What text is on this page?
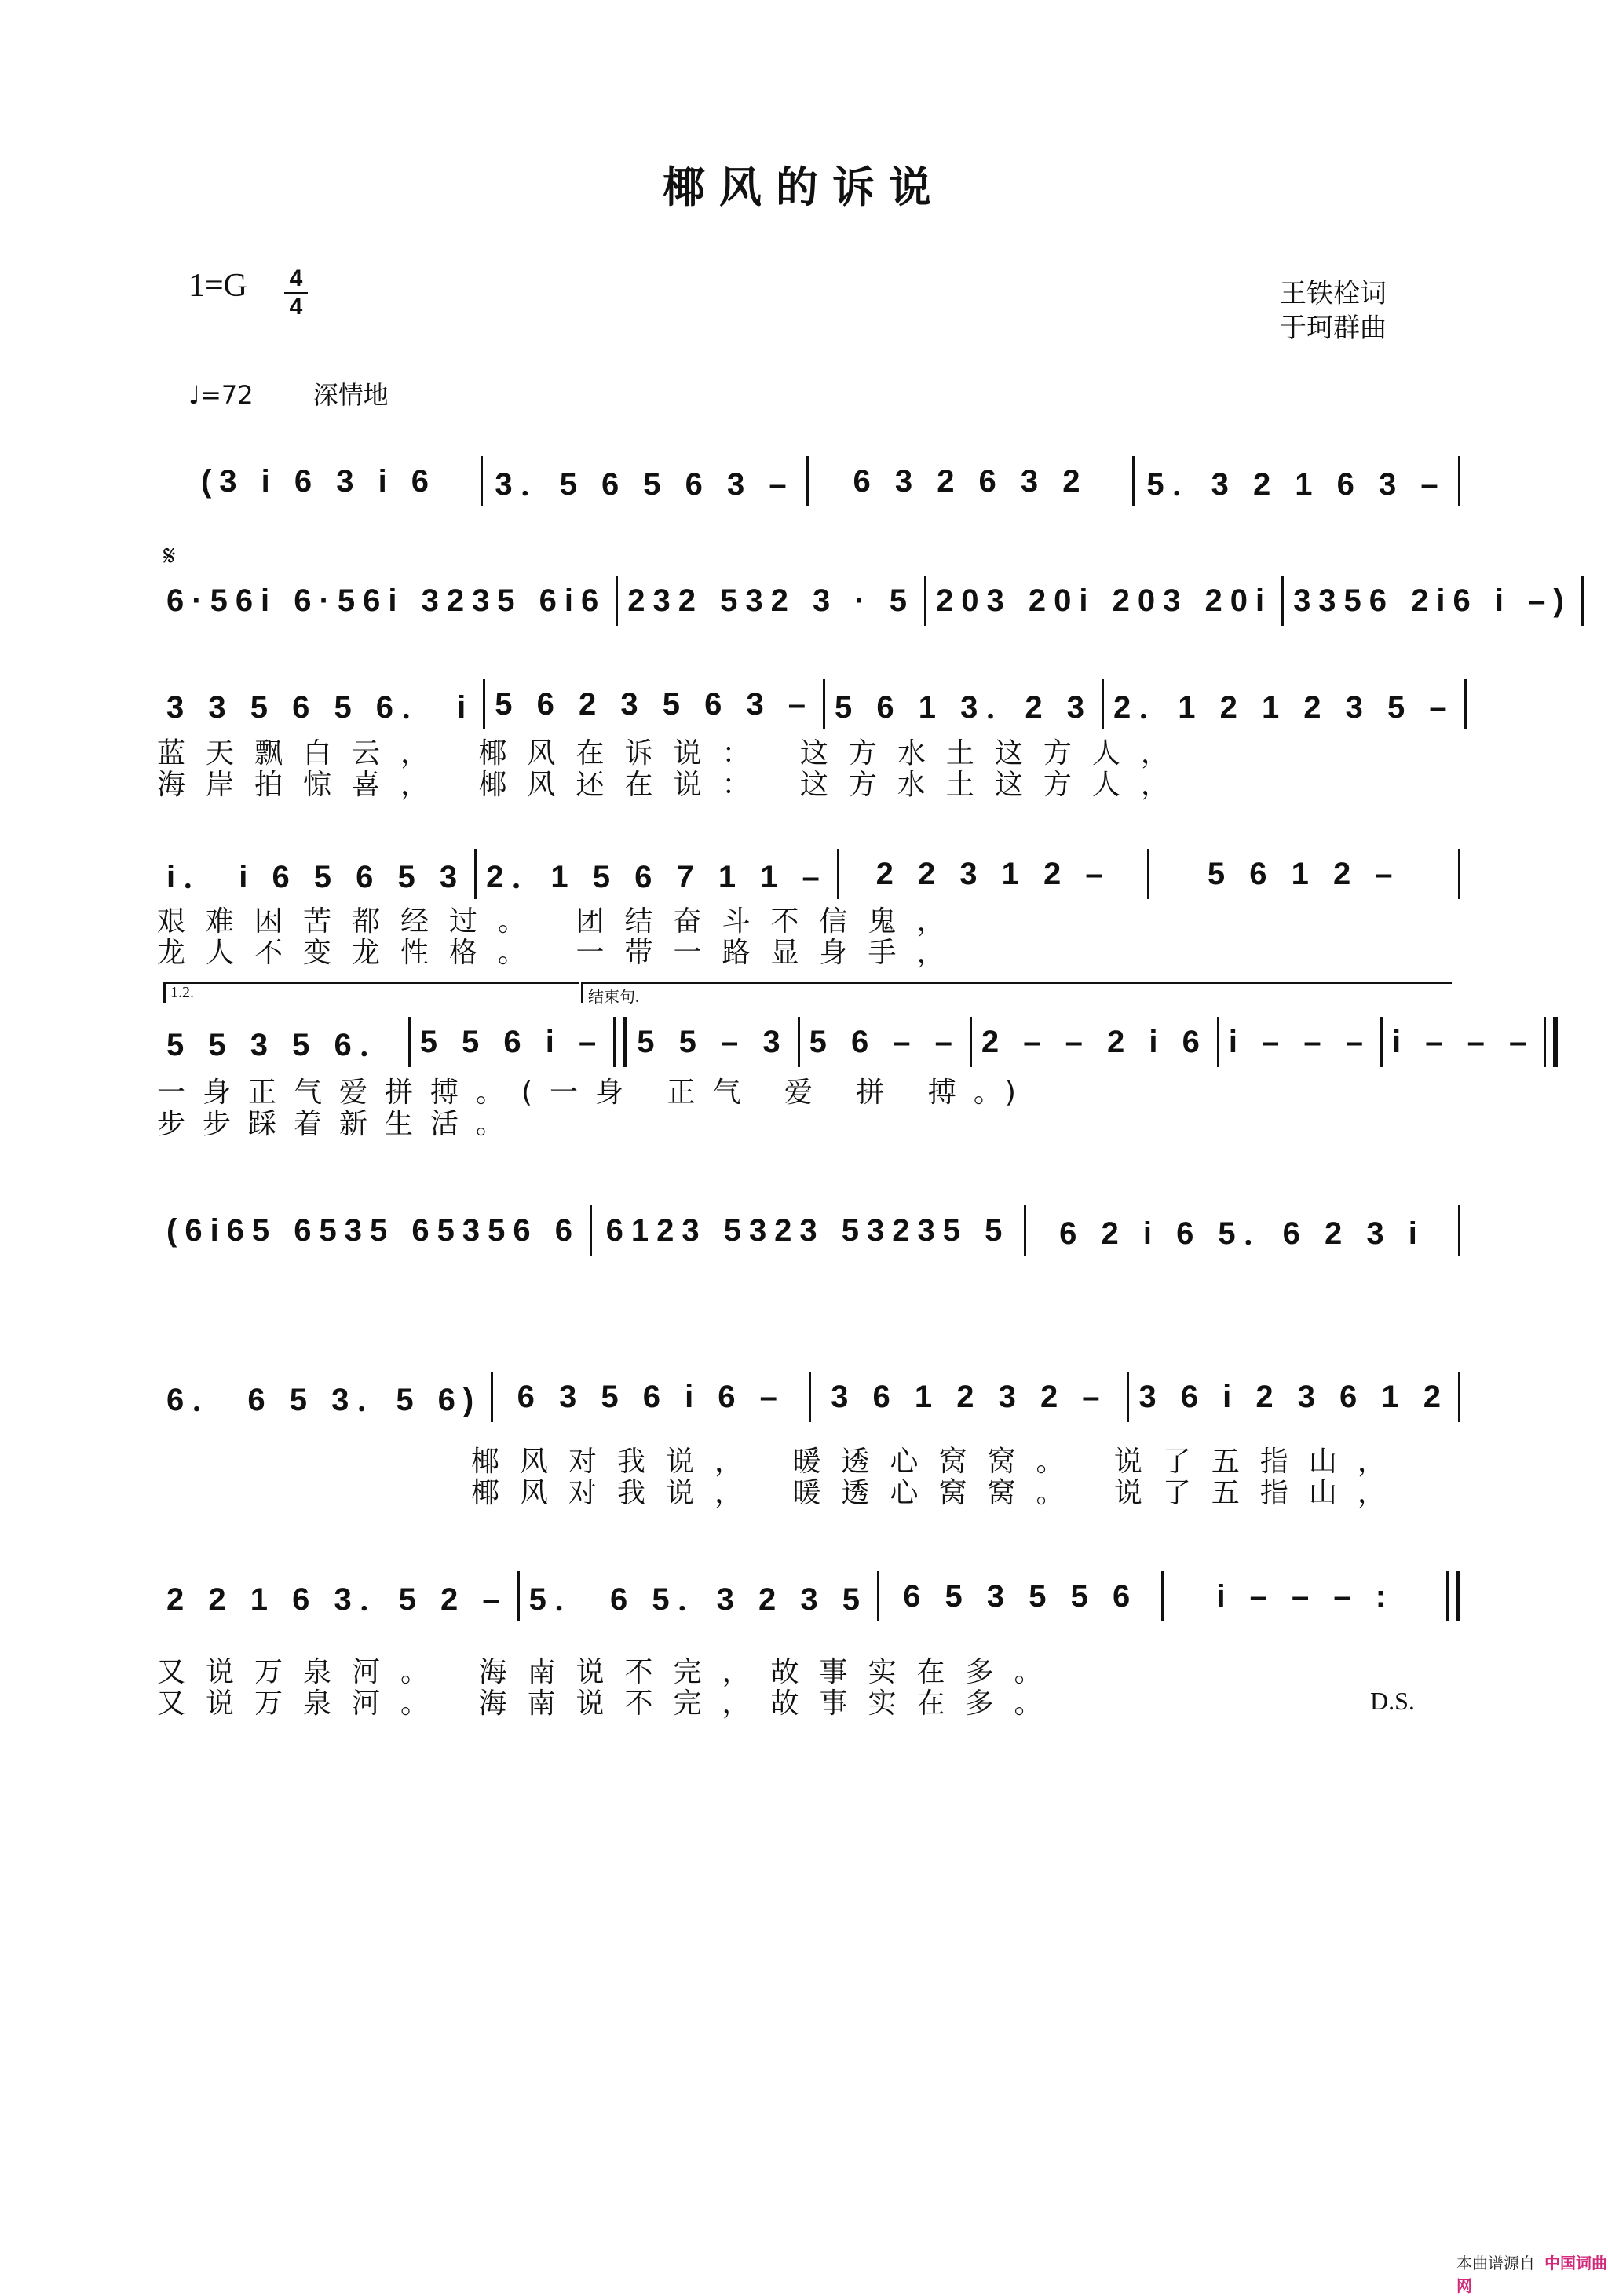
椰风的诉说
1=G 4
4	王铁栓词
于珂群曲
♩=72 深情地
𝄋
(3 i 6 3 i 6	3．5 6 5 6 3 –	6 3 2 6 3 2	5．3 2 1 6 3 –
6·56i 6·56i 3235 6i6 232 532 3 · 5 203 20i 203 20i 3356 2i6 i –)
3 3 5 6 5 6． i 5 6 2 3 5 6 3 – 5 6 1 3．2 3 2．1 2 1 2 3 5 –
蓝天飘白云， 椰风在诉说： 这方水土这方人，
海岸拍惊喜， 椰风还在说： 这方水土这方人，
i． i 6 5 6 5 3 2．1 5 6 7 1 1 –	2 2 3 1 2 –	5 6 1 2 –
艰难困苦都经过。 团结奋斗不信鬼，
龙人不变龙性格。 一带一路显身手，
1.2.	结束句.
5 5 3 5 6． 5 5 6 i –	5 5 – 3 5 6 – – 2 – – 2 i 6 i – – – i – – –
一身正气爱拼搏。(一身 正气 爱 拼 搏。)
步步踩着新生活。
(6i65 6535 65356 6 6123 5323 53235 5	6 2 i 6 5．6 2 3 i
6． 6 5 3．5 6)	6 3 5 6 i 6 –	3 6 1 2 3 2 – 3 6 i 2 3 6 1 2
椰风对我说， 暖透心窝窝。 说了五指山，
椰风对我说， 暖透心窝窝。 说了五指山，
2 2 1 6 3．5 2 – 5． 6 5．3 2 3 5	6 5 3 5 5 6	i – – – :
又说万泉河。 海南说不完，故事实在多。
又说万泉河。 海南说不完，故事实在多。	D.S.
本曲谱源自 中国词曲网
